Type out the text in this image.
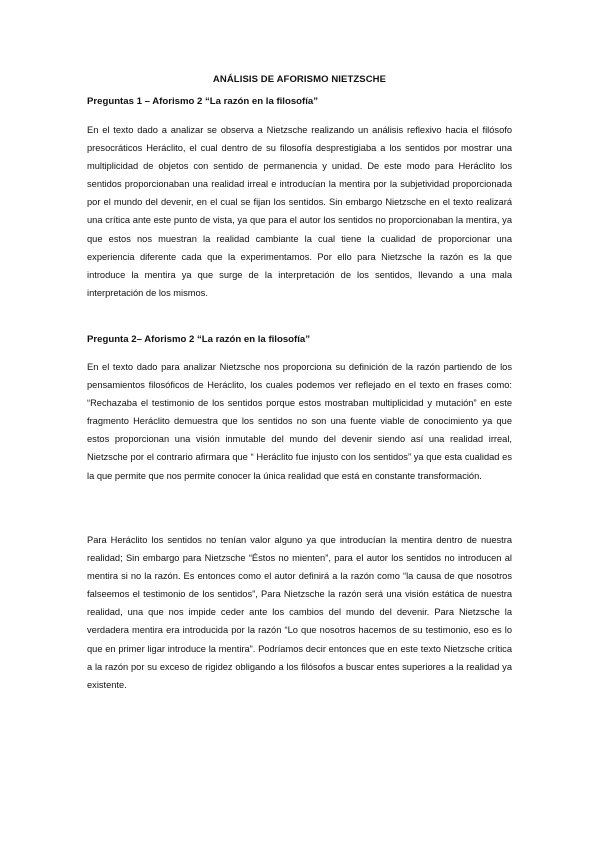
ANÁLISIS DE AFORISMO NIETZSCHE
Preguntas 1 – Aforismo 2 “La razón en la filosofía”

En el texto dado a analizar se observa a Nietzsche realizando un análisis reflexivo hacia el filósofo presocráticos Heráclito, el cual dentro de su filosofía desprestigiaba a los sentidos por mostrar una multiplicidad de objetos con sentido de permanencia y unidad. De este modo para Heráclito los sentidos proporcionaban una realidad irreal e introducían la mentira por la subjetividad proporcionada por el mundo del devenir, en el cual se fijan los sentidos. Sin embargo Nietzsche en el texto realizará una crítica ante este punto de vista, ya que para el autor los sentidos no proporcionaban la mentira, ya que estos nos muestran la realidad cambiante la cual tiene la cualidad de proporcionar una experiencia diferente cada que la experimentamos. Por ello para Nietzsche la razón es la que introduce la mentira ya que surge de la interpretación de los sentidos, llevando a una mala interpretación de los mismos.

Pregunta 2– Aforismo 2 “La razón en la filosofía”

En el texto dado para analizar Nietzsche nos proporciona su definición de la razón partiendo de los pensamientos filosóficos de Heráclito, los cuales podemos ver reflejado en el texto en frases como: “Rechazaba el testimonio de los sentidos porque estos mostraban multiplicidad y mutación” en este fragmento Heráclito demuestra que los sentidos no son una fuente viable de conocimiento ya que estos proporcionan una visión inmutable del mundo del devenir siendo así una realidad irreal, Nietzsche por el contrario afirmara que “ Heráclito fue injusto con los sentidos” ya que esta cualidad es la que permite que nos permite conocer la única realidad que está en constante transformación.

Para Heráclito los sentidos no tenían valor alguno ya que introducían la mentira dentro de nuestra realidad; Sin embargo para Nietzsche “Éstos no mienten”, para el autor los sentidos no introducen al mentira si no la razón. Es entonces como el autor definirá a la razón como “la causa de que nosotros falseemos el testimonio de los sentidos”, Para Nietzsche la razón será una visión estática de nuestra realidad, una que nos impide ceder ante los cambios del mundo del devenir. Para Nietzsche la verdadera mentira era introducida por la razón “Lo que nosotros hacemos de su testimonio, eso es lo que en primer ligar introduce la mentira”. Podríamos decir entonces que en este texto Nietzsche crítica a la razón por su exceso de rigidez obligando a los filósofos a buscar entes superiores a la realidad ya existente.
